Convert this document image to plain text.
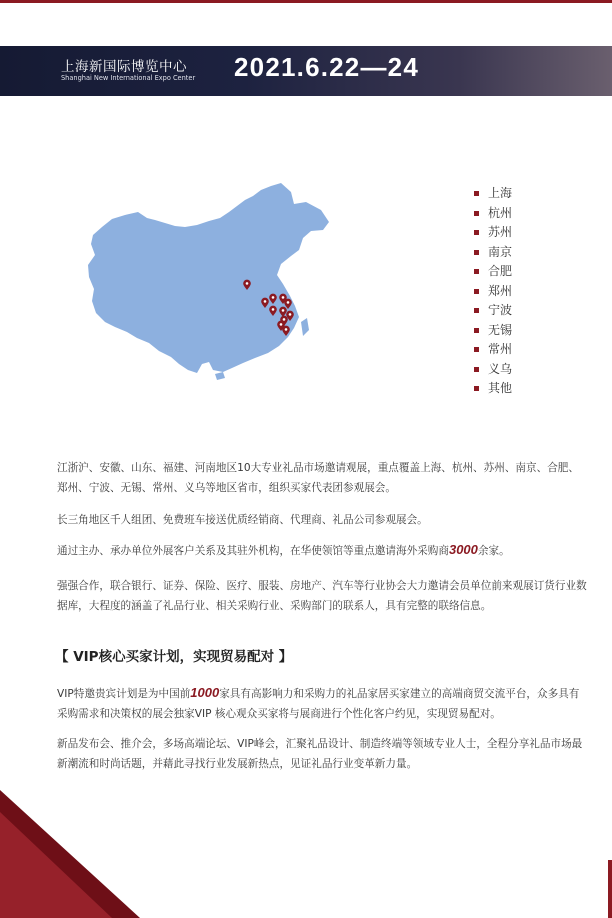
上海新国际博览中心
Shanghai New International Expo Center 2021.6.22—24
上海
杭州
苏州
南京
合肥
郑州
宁波
无锡
常州
义乌
其他

江浙沪、安徽、山东、福建、河南地区10大专业礼品市场邀请观展，重点覆盖上海、杭州、苏州、南京、合肥、郑州、宁波、无锡、常州、义乌等地区省市，组织买家代表团参观展会。

长三角地区千人组团、免费班车接送优质经销商、代理商、礼品公司参观展会。

通过主办、承办单位外展客户关系及其驻外机构，在华使领馆等重点邀请海外采购商3000余家。

强强合作，联合银行、证券、保险、医疗、服装、房地产、汽车等行业协会大力邀请会员单位前来观展订货行业数据库，大程度的涵盖了礼品行业、相关采购行业、采购部门的联系人，具有完整的联络信息。

【 VIP核心买家计划，实现贸易配对 】

VIP特邀贵宾计划是为中国前1000家具有高影响力和采购力的礼品家居买家建立的高端商贸交流平台，众多具有采购需求和决策权的展会独家VIP 核心观众买家将与展商进行个性化客户约见，实现贸易配对。

新品发布会、推介会，多场高端论坛、VIP峰会，汇聚礼品设计、制造终端等领域专业人士，全程分享礼品市场最新潮流和时尚话题，并藉此寻找行业发展新热点，见证礼品行业变革新力量。
